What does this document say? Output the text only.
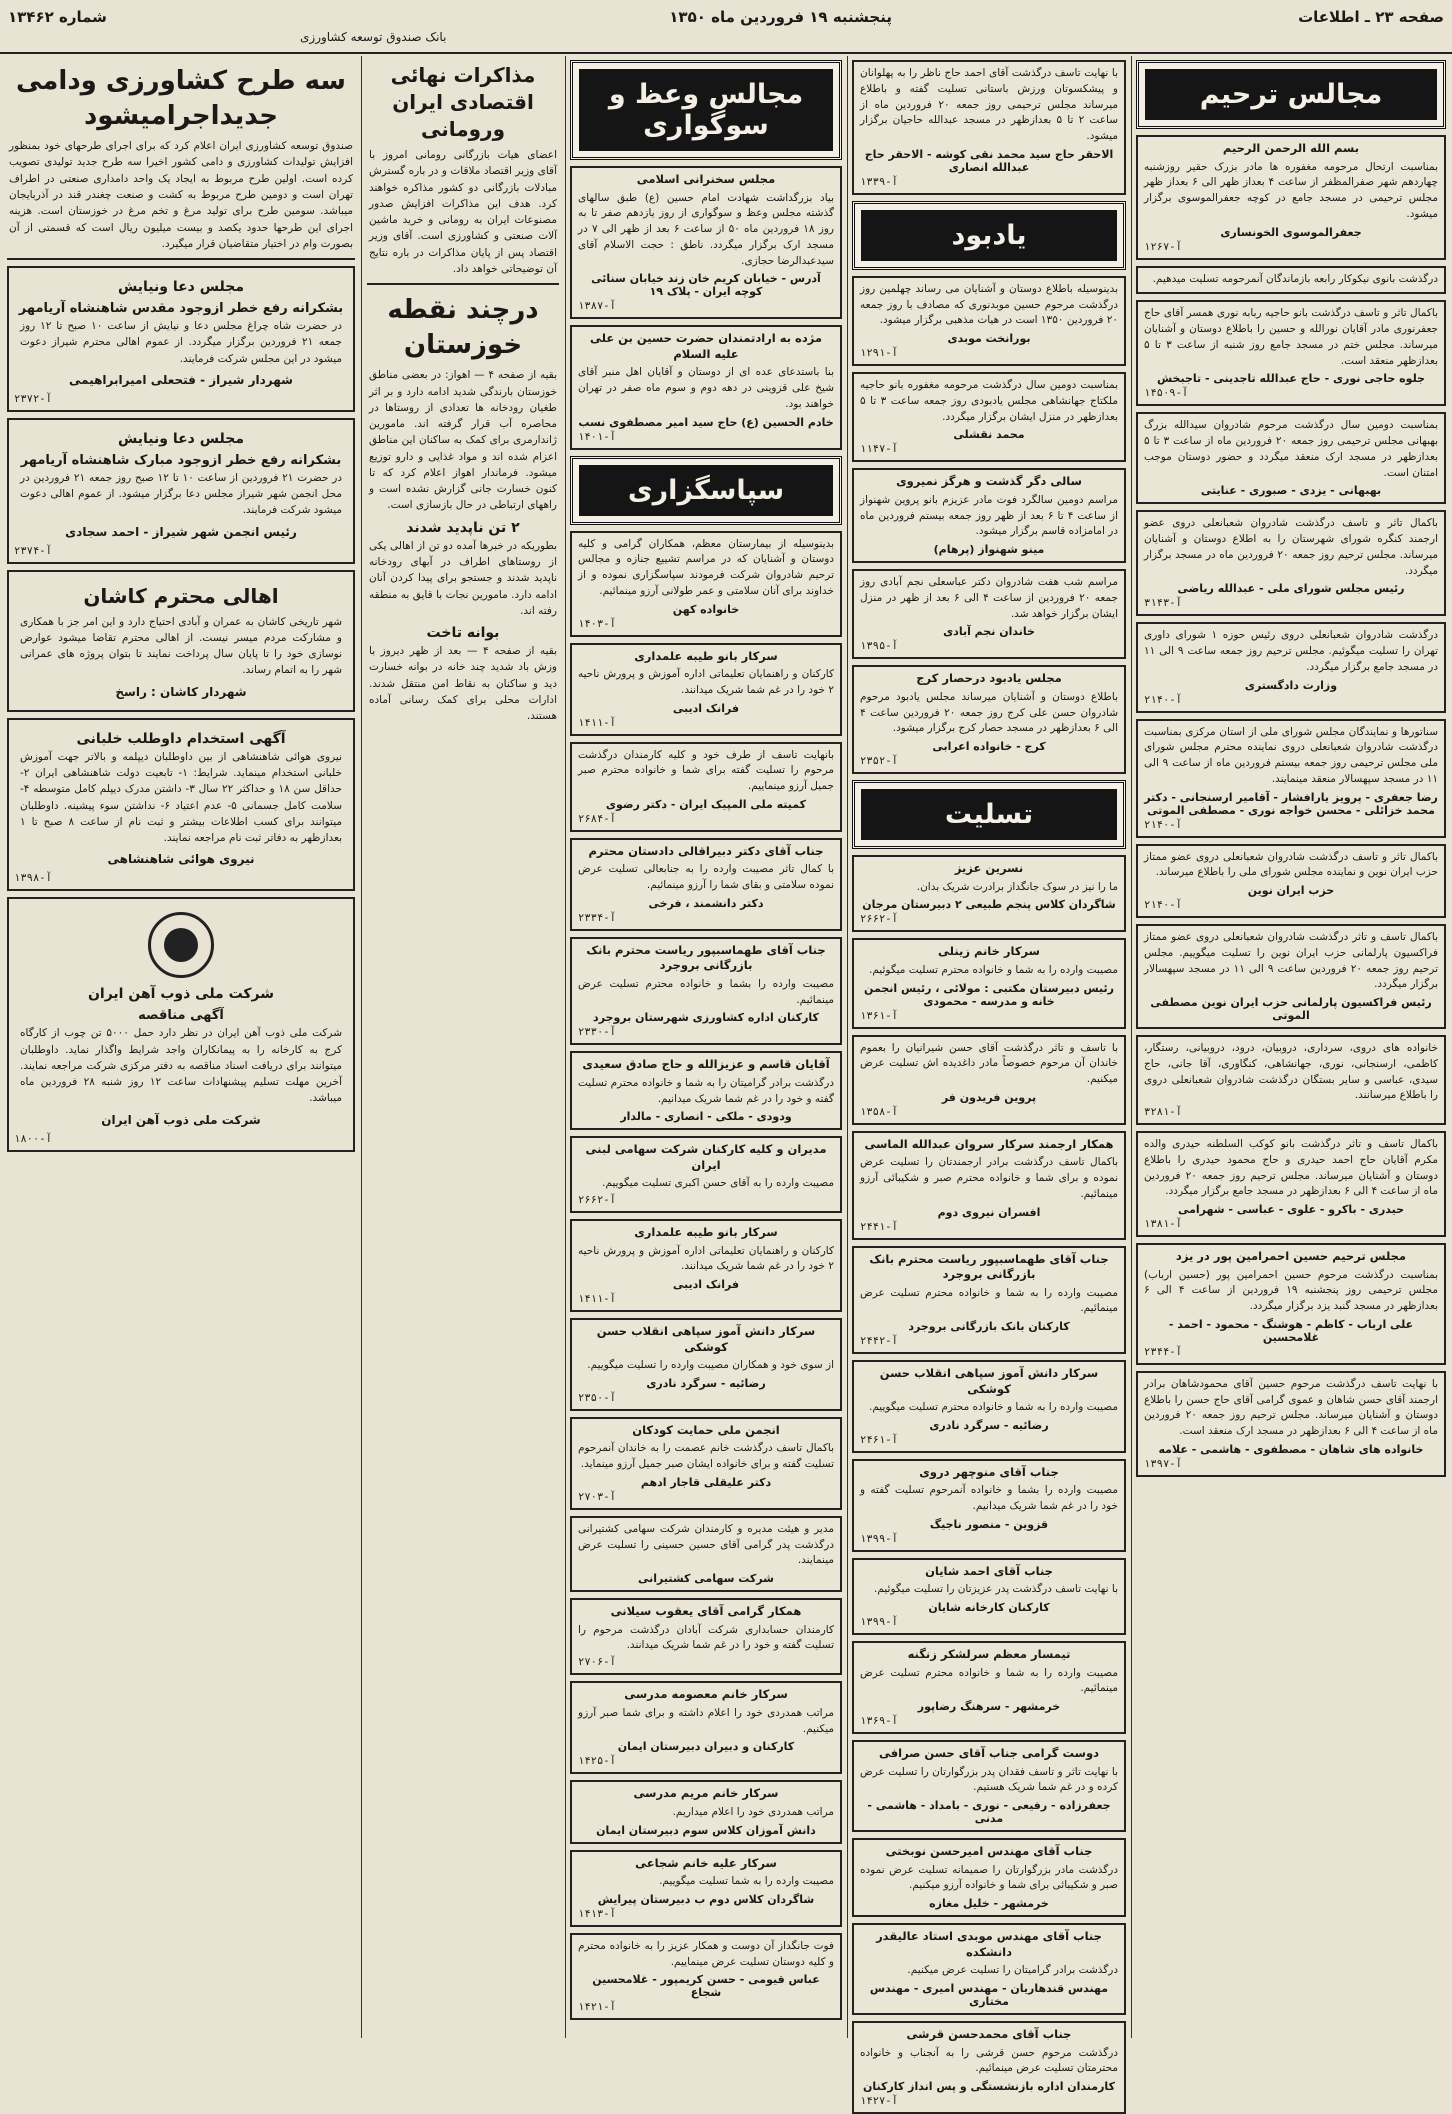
صفحه ۲۳ ـ اطلاعات
پنجشنبه ۱۹ فروردین ماه ۱۳۵۰
شماره ۱۳۴۶۲
بانک صندوق توسعه کشاورزی
مجالس ترحیم
بسم الله الرحمن الرحیم
بمناسبت ارتحال مرحومه مغفوره ها مادر بزرک حقیر روزشنبه چهاردهم شهر صفرالمظفر از ساعت ۴ بعداز ظهر الی ۶ بعداز ظهر مجلس ترحیمی در مسجد جامع در کوچه جعفرالموسوی برگزار میشود.
جعفرالموسوی الخونساری
آ-۱۲۶۷
درگذشت بانوی نیکوکار رابعه بازماندگان آنمرحومه تسلیت میدهیم.
باکمال تاثر و تاسف درگذشت بانو حاجیه ربابه نوری همسر آقای حاج جعفرنوری مادر آقایان نورالله و حسین را باطلاع دوستان و آشنایان میرساند. مجلس ختم در مسجد جامع روز شنبه از ساعت ۳ تا ۵ بعدازظهر منعقد است.
جلوه حاجی نوری - حاج عبدالله تاجدینی - تاجبخش
آ-۱۴۵۰۹
بمناسبت دومین سال درگذشت مرحوم شادروان سیدالله بزرگ بهبهانی مجلس ترحیمی روز جمعه ۲۰ فروردین ماه از ساعت ۳ تا ۵ بعدازظهر در مسجد ارک منعقد میگردد و حضور دوستان موجب امتنان است.
بهبهانی - یزدی - صبوری - عنایتی
باکمال تاثر و تاسف درگذشت شادروان شعبانعلی دروی عضو ارجمند کنگره شورای شهرستان را به اطلاع دوستان و آشنایان میرساند. مجلس ترحیم روز جمعه ۲۰ فروردین ماه در مسجد برگزار میگردد.
رئیس مجلس شورای ملی - عبدالله ریاضی
آ-۳۱۴۳
درگذشت شادروان شعبانعلی دروی رئیس حوزه ۱ شورای داوری تهران را تسلیت میگوئیم. مجلس ترحیم روز جمعه ساعت ۹ الی ۱۱ در مسجد جامع برگزار میگردد.
وزارت دادگستری
آ-۲۱۴۰
سناتورها و نمایندگان مجلس شورای ملی از استان مرکزی بمناسبت درگذشت شادروان شعبانعلی دروی نماینده محترم مجلس شورای ملی مجلس ترحیمی روز جمعه بیستم فروردین ماه از ساعت ۹ الی ۱۱ در مسجد سپهسالار منعقد مینمایند.
رضا جعفری - پرویز یارافشار - آقامیر ارسنجانی - دکتر محمد خزائلی - محسن خواجه نوری - مصطفی الموتی
آ-۲۱۴۰
باکمال تاثر و تاسف درگذشت شادروان شعبانعلی دروی عضو ممتاز حزب ایران نوین و نماینده مجلس شورای ملی را باطلاع میرساند.
حزب ایران نوین
آ-۲۱۴۰
باکمال تاسف و تاثر درگذشت شادروان شعبانعلی دروی عضو ممتاز فراکسیون پارلمانی حزب ایران نوین را تسلیت میگوییم. مجلس ترحیم روز جمعه ۲۰ فروردین ساعت ۹ الی ۱۱ در مسجد سپهسالار برگزار میگردد.
رئیس فراکسیون پارلمانی حزب ایران نوین مصطفی الموتی
خانواده های دروی، سرداری، دروبیان، درود، دروبیانی، رستگار، کاظمی، ارسنجانی، نوری، جهانشاهی، کنگاوری، آقا جانی، حاج سیدی، عباسی و سایر بستگان درگذشت شادروان شعبانعلی دروی را باطلاع میرسانند.
آ-۳۲۸۱
باکمال تاسف و تاثر درگذشت بانو کوکب السلطنه حیدری والده مکرم آقایان حاج احمد حیدری و حاج محمود حیدری را باطلاع دوستان و آشنایان میرساند. مجلس ترحیم روز جمعه ۲۰ فروردین ماه از ساعت ۴ الی ۶ بعدازظهر در مسجد جامع برگزار میگردد.
حیدری - باکرو - علوی - عباسی - شهرامی
آ-۱۳۸۱
مجلس ترحیم حسین احمرامین پور در یزد
بمناسبت درگذشت مرحوم حسین احمرامین پور (حسین ارباب) مجلس ترحیمی روز پنجشنبه ۱۹ فروردین از ساعت ۴ الی ۶ بعدازظهر در مسجد گنبد یزد برگزار میگردد.
علی ارباب - کاظم - هوشنگ - محمود - احمد - غلامحسین
آ-۲۳۴۴
با نهایت تاسف درگذشت مرحوم حسین آقای محمودشاهان برادر ارجمند آقای حسن شاهان و عموی گرامی آقای حاج حسن را باطلاع دوستان و آشنایان میرساند. مجلس ترحیم روز جمعه ۲۰ فروردین ماه از ساعت ۴ الی ۶ بعدازظهر در مسجد ارک منعقد است.
خانواده های شاهان - مصطفوی - هاشمی - علامه
آ-۱۳۹۷
با نهایت تاسف درگذشت آقای احمد حاج ناظر را به پهلوانان و پیشکسوتان ورزش باستانی تسلیت گفته و باطلاع میرساند مجلس ترحیمی روز جمعه ۲۰ فروردین ماه از ساعت ۲ تا ۵ بعدازظهر در مسجد عبدالله حاجیان برگزار میشود.
الاحقر حاج سید محمد نقی کوشه - الاحقر حاج عبدالله انصاری
آ-۱۳۳۹
یادبود
بدینوسیله باطلاع دوستان و آشنایان می رساند چهلمین روز درگذشت مرحوم حسین موبدنوری که مصادف با روز جمعه ۲۰ فروردین ۱۳۵۰ است در هیات مذهبی برگزار میشود.
بورانخت موبدی
آ-۱۲۹۱
بمناسبت دومین سال درگذشت مرحومه مغفوره بانو حاجیه ملکتاج جهانشاهی مجلس یادبودی روز جمعه ساعت ۳ تا ۵ بعدازظهر در منزل ایشان برگزار میگردد.
محمد نقشلی
آ-۱۱۴۷
سالی دگر گذشت و هرگز نمیروی
مراسم دومین سالگرد فوت مادر عزیزم بانو پروین شهنواز از ساعت ۴ تا ۶ بعد از ظهر روز جمعه بیستم فروردین ماه در امامزاده قاسم برگزار میشود.
مینو شهنواز (پرهام)
مراسم شب هفت شادروان دکتر عباسعلی نجم آبادی روز جمعه ۲۰ فروردین از ساعت ۴ الی ۶ بعد از ظهر در منزل ایشان برگزار خواهد شد.
خاندان نجم آبادی
آ-۱۳۹۵
مجلس یادبود درحصار کرج
باطلاع دوستان و آشنایان میرساند مجلس یادبود مرحوم شادروان حسن علی کرج روز جمعه ۲۰ فروردین ساعت ۴ الی ۶ بعدازظهر در مسجد حصار کرج برگزار میشود.
کرج - خانواده اعرابی
آ-۲۳۵۲
تسلیت
نسرین عزیز
ما را نیز در سوک جانگداز برادرت شریک بدان.
شاگردان کلاس پنجم طبیعی ۲ دبیرستان مرجان
آ-۲۶۶۲
سرکار خانم زینلی
مصیبت وارده را به شما و خانواده محترم تسلیت میگوئیم.
رئیس دبیرستان مکتبی : مولائی ، رئیس انجمن خانه و مدرسه - محمودی
آ-۱۳۶۱
با تاسف و تاثر درگذشت آقای حسن شیرانیان را بعموم خاندان آن مرحوم خصوصاً مادر داغدیده اش تسلیت عرض میکنیم.
پروین فریدون فر
آ-۱۳۵۸
همکار ارجمند سرکار سروان عبدالله الماسی
باکمال تاسف درگذشت برادر ارجمندتان را تسلیت عرض نموده و برای شما و خانواده محترم صبر و شکیبائی آرزو مینمائیم.
افسران نیروی دوم
آ-۲۴۴۱
جناب آقای طهماسبپور ریاست محترم بانک بازرگانی بروجرد
مصیبت وارده را به شما و خانواده محترم تسلیت عرض مینمائیم.
کارکنان بانک بازرگانی بروجرد
آ-۲۴۴۲
سرکار دانش آموز سپاهی انقلاب حسن کوشکی
مصیبت وارده را به شما و خانواده محترم تسلیت میگوییم.
رضائیه - سرگرد نادری
آ-۲۴۶۱
جناب آقای منوچهر دروی
مصیبت وارده را بشما و خانواده آنمرحوم تسلیت گفته و خود را در غم شما شریک میدانیم.
قزوین - منصور ناجیگ
آ-۱۳۹۹
جناب آقای احمد شایان
با نهایت تاسف درگذشت پدر عزیزتان را تسلیت میگوئیم.
کارکنان کارخانه شایان
آ-۱۳۹۹
تیمسار معظم سرلشکر زنگنه
مصیبت وارده را به شما و خانواده محترم تسلیت عرض مینمائیم.
خرمشهر - سرهنگ رضاپور
آ-۱۳۶۹
دوست گرامی جناب آقای حسن صرافی
با نهایت تاثر و تاسف فقدان پدر بزرگوارتان را تسلیت عرض کرده و در غم شما شریک هستیم.
جعفرزاده - رفیعی - نوری - بامداد - هاشمی - مدنی
جناب آقای مهندس امیرحسن نوبختی
درگذشت مادر بزرگوارتان را صمیمانه تسلیت عرض نموده صبر و شکیبائی برای شما و خانواده آرزو میکنیم.
خرمشهر - خلیل مغازه
جناب آقای مهندس موبدی استاد عالیقدر دانشکده
درگذشت برادر گرامیتان را تسلیت عرض میکنیم.
مهندس قندهاریان - مهندس امیری - مهندس مختاری
جناب آقای محمدحسن قرشی
درگذشت مرحوم حسن قرشی را به آنجناب و خانواده محترمتان تسلیت عرض مینمائیم.
کارمندان اداره بازنشستگی و پس انداز کارکنان
آ-۱۴۲۷
مجالس وعظ و سوگواری
مجلس سخنرانی اسلامی
بیاد بزرگداشت شهادت امام حسین (ع) طبق سالهای گذشته مجلس وعظ و سوگواری از روز یازدهم صفر تا به روز ۱۸ فروردین ماه ۵۰ از ساعت ۶ بعد از ظهر الی ۷ در مسجد ارک برگزار میگردد. ناطق : حجت الاسلام آقای سیدعبدالرضا حجازی.
آدرس - خیابان کریم خان زند خیابان سنائی کوچه ایران - پلاک ۱۹
آ-۱۳۸۷
مژده به ارادتمندان حضرت حسین بن علی علیه السلام
بنا باستدعای عده ای از دوستان و آقایان اهل منبر آقای شیخ علی قزوینی در دهه دوم و سوم ماه صفر در تهران خواهند بود.
خادم الحسین (ع) حاج سید امیر مصطفوی نسب
آ-۱۴۰۱
سپاسگزاری
بدینوسیله از بیمارستان معظم، همکاران گرامی و کلیه دوستان و آشنایان که در مراسم تشییع جنازه و مجالس ترحیم شادروان شرکت فرمودند سپاسگزاری نموده و از خداوند برای آنان سلامتی و عمر طولانی آرزو مینمائیم.
خانواده کهن
آ-۱۴۰۳
سرکار بانو طیبه علمداری
کارکنان و راهنمایان تعلیماتی اداره آموزش و پرورش ناحیه ۲ خود را در غم شما شریک میدانند.
فرانک ادیبی
آ-۱۴۱۱
بانهایت تاسف از طرف خود و کلیه کارمندان درگذشت مرحوم را تسلیت گفته برای شما و خانواده محترم صبر جمیل آرزو مینماییم.
کمیته ملی المپیک ایران - دکتر رضوی
آ-۲۶۸۴
جناب آقای دکتر دبیراقالی دادستان محترم
با کمال تاثر مصیبت وارده را به جنابعالی تسلیت عرض نموده سلامتی و بقای شما را آرزو مینمائیم.
دکتر دانشمند ، فرخی
آ-۲۳۳۴
جناب آقای طهماسبپور ریاست محترم بانک بازرگانی بروجرد
مصیبت وارده را بشما و خانواده محترم تسلیت عرض مینمائیم.
کارکنان اداره کشاورزی شهرستان بروجرد
آ-۲۳۳۰
آقایان قاسم و عزیزالله و حاج صادق سعیدی
درگذشت برادر گرامیتان را به شما و خانواده محترم تسلیت گفته و خود را در غم شما شریک میدانیم.
ودودی - ملکی - انصاری - مالدار
مدیران و کلیه کارکنان شرکت سهامی لبنی ایران
مصیبت وارده را به آقای حسن اکبری تسلیت میگوییم.
آ-۲۶۶۲
سرکار بانو طیبه علمداری
کارکنان و راهنمایان تعلیماتی اداره آموزش و پرورش ناحیه ۲ خود را در غم شما شریک میدانند.
فرانک ادیبی
آ-۱۴۱۱
سرکار دانش آموز سپاهی انقلاب حسن کوشکی
از سوی خود و همکاران مصیبت وارده را تسلیت میگوییم.
رضائیه - سرگرد نادری
آ-۲۳۵۰
انجمن ملی حمایت کودکان
باکمال تاسف درگذشت خانم عصمت را به خاندان آنمرحوم تسلیت گفته و برای خانواده ایشان صبر جمیل آرزو مینماید.
دکتر علیقلی قاجار ادهم
آ-۲۷۰۳
مدیر و هیئت مدیره و کارمندان شرکت سهامی کشتیرانی درگذشت پدر گرامی آقای حسین حسینی را تسلیت عرض مینمایند.
شرکت سهامی کشتیرانی
همکار گرامی آقای یعقوب سیلانی
کارمندان حسابداری شرکت آبادان درگذشت مرحوم را تسلیت گفته و خود را در غم شما شریک میدانند.
آ-۲۷۰۶
سرکار خانم معصومه مدرسی
مراتب همدردی خود را اعلام داشته و برای شما صبر آرزو میکنیم.
کارکنان و دبیران دبیرستان ایمان
آ-۱۴۲۵
سرکار خانم مریم مدرسی
مراتب همدردی خود را اعلام میداریم.
دانش آموزان کلاس سوم دبیرستان ایمان
سرکار علیه خانم شجاعی
مصیبت وارده را به شما تسلیت میگوییم.
شاگردان کلاس دوم ب دبیرستان پیرایش
آ-۱۴۱۳
فوت جانگداز آن دوست و همکار عزیز را به خانواده محترم و کلیه دوستان تسلیت عرض مینماییم.
عباس قیومی - حسن کریمپور - غلامحسین شجاع
آ-۱۴۲۱
مذاکرات نهائی اقتصادی ایران ورومانی
اعضای هیات بازرگانی رومانی امروز با آقای وزیر اقتصاد ملاقات و در باره گسترش مبادلات بازرگانی دو کشور مذاکره خواهند کرد. هدف این مذاکرات افزایش صدور مصنوعات ایران به رومانی و خرید ماشین آلات صنعتی و کشاورزی است. آقای وزیر اقتصاد پس از پایان مذاکرات در باره نتایج آن توضیحاتی خواهد داد.
درچند نقطه خوزستان
بقیه از صفحه ۴ — اهواز: در بعضی مناطق خوزستان بارندگی شدید ادامه دارد و بر اثر طغیان رودخانه ها تعدادی از روستاها در محاصره آب قرار گرفته اند. مامورین ژاندارمری برای کمک به ساکنان این مناطق اعزام شده اند و مواد غذایی و دارو توزیع میشود. فرماندار اهواز اعلام کرد که تا کنون خسارت جانی گزارش نشده است و راههای ارتباطی در حال بازسازی است.
۲ تن ناپدید شدند
بطوریکه در خبرها آمده دو تن از اهالی یکی از روستاهای اطراف در آبهای رودخانه ناپدید شدند و جستجو برای پیدا کردن آنان ادامه دارد. مامورین نجات با قایق به منطقه رفته اند.
بوانه تاخت
بقیه از صفحه ۴ — بعد از ظهر دیروز با وزش باد شدید چند خانه در بوانه خسارت دید و ساکنان به نقاط امن منتقل شدند. ادارات محلی برای کمک رسانی آماده هستند.
سه طرح کشاورزی ودامی جدیداجرامیشود
صندوق توسعه کشاورزی ایران اعلام کرد که برای اجرای طرحهای خود بمنظور افزایش تولیدات کشاورزی و دامی کشور اخیرا سه طرح جدید تولیدی تصویب کرده است. اولین طرح مربوط به ایجاد یک واحد دامداری صنعتی در اطراف تهران است و دومین طرح مربوط به کشت و صنعت چغندر قند در آذربایجان میباشد. سومین طرح برای تولید مرغ و تخم مرغ در خوزستان است. هزینه اجرای این طرحها حدود یکصد و بیست میلیون ریال است که قسمتی از آن بصورت وام در اختیار متقاضیان قرار میگیرد.
مجلس دعا ونیایش
بشکرانه رفع خطر ازوجود مقدس شاهنشاه آریامهر
در حضرت شاه چراغ مجلس دعا و نیایش از ساعت ۱۰ صبح تا ۱۲ روز جمعه ۲۱ فروردین برگزار میگردد. از عموم اهالی محترم شیراز دعوت میشود در این مجلس شرکت فرمایند.
شهردار شیراز - فتحعلی امیرابراهیمی
آ-۲۳۷۲
مجلس دعا ونیایش
بشکرانه رفع خطر ازوجود مبارک شاهنشاه آریامهر
در حضرت ۲۱ فروردین از ساعت ۱۰ تا ۱۲ صبح روز جمعه ۲۱ فروردین در محل انجمن شهر شیراز مجلس دعا برگزار میشود. از عموم اهالی دعوت میشود شرکت فرمایند.
رئیس انجمن شهر شیراز - احمد سجادی
آ-۲۳۷۴
اهالی محترم کاشان
شهر تاریخی کاشان به عمران و آبادی احتیاج دارد و این امر جز با همکاری و مشارکت مردم میسر نیست. از اهالی محترم تقاضا میشود عوارض نوسازی خود را تا پایان سال پرداخت نمایند تا بتوان پروژه های عمرانی شهر را به اتمام رساند.
شهردار کاشان : راسخ
آگهی استخدام داوطلب خلبانی
نیروی هوائی شاهنشاهی از بین داوطلبان دیپلمه و بالاتر جهت آموزش خلبانی استخدام مینماید. شرایط: ۱- تابعیت دولت شاهنشاهی ایران ۲- حداقل سن ۱۸ و حداکثر ۲۲ سال ۳- داشتن مدرک دیپلم کامل متوسطه ۴- سلامت کامل جسمانی ۵- عدم اعتیاد ۶- نداشتن سوء پیشینه. داوطلبان میتوانند برای کسب اطلاعات بیشتر و ثبت نام از ساعت ۸ صبح تا ۱ بعدازظهر به دفاتر ثبت نام مراجعه نمایند.
نیروی هوائی شاهنشاهی
آ-۱۳۹۸
شرکت ملی ذوب آهن ایران
آگهی مناقصه
شرکت ملی ذوب آهن ایران در نظر دارد حمل ۵۰۰۰ تن چوب از کارگاه کرج به کارخانه را به پیمانکاران واجد شرایط واگذار نماید. داوطلبان میتوانند برای دریافت اسناد مناقصه به دفتر مرکزی شرکت مراجعه نمایند. آخرین مهلت تسلیم پیشنهادات ساعت ۱۲ روز شنبه ۲۸ فروردین ماه میباشد.
شرکت ملی ذوب آهن ایران
آ-۱۸۰۰
